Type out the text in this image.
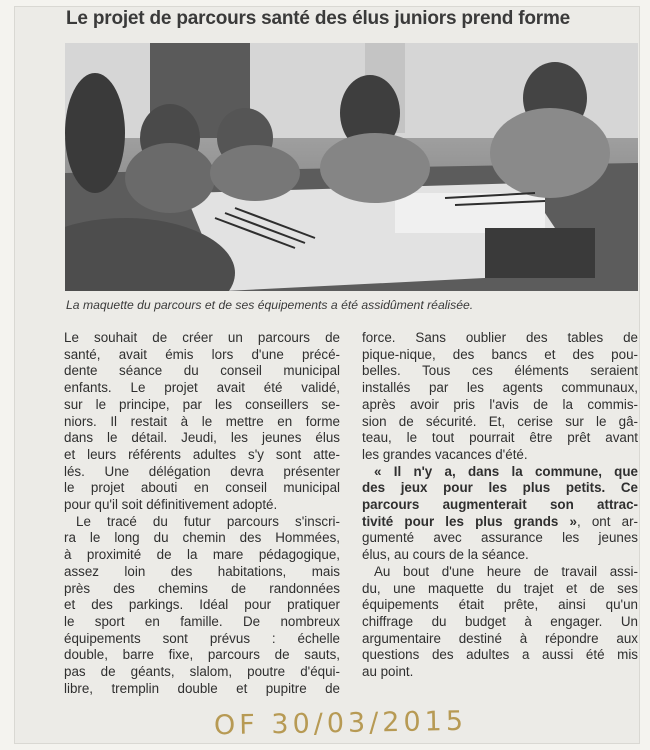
Le projet de parcours santé des élus juniors prend forme
La maquette du parcours et de ses équipements a été assidûment réalisée.

Le souhait de créer un parcours de

santé, avait émis lors d'une précé-

dente séance du conseil municipal

enfants. Le projet avait été validé,

sur le principe, par les conseillers se-

niors. Il restait à le mettre en forme

dans le détail. Jeudi, les jeunes élus

et leurs référents adultes s'y sont atte-

lés. Une délégation devra présenter

le projet abouti en conseil municipal

pour qu'il soit définitivement adopté.

Le tracé du futur parcours s'inscri-

ra le long du chemin des Hommées,

à proximité de la mare pédagogique,

assez loin des habitations, mais

près des chemins de randonnées

et des parkings. Idéal pour pratiquer

le sport en famille. De nombreux

équipements sont prévus : échelle

double, barre fixe, parcours de sauts,

pas de géants, slalom, poutre d'équi-

libre, tremplin double et pupitre de

force. Sans oublier des tables de

pique-nique, des bancs et des pou-

belles. Tous ces éléments seraient

installés par les agents communaux,

après avoir pris l'avis de la commis-

sion de sécurité. Et, cerise sur le gâ-

teau, le tout pourrait être prêt avant

les grandes vacances d'été.

« Il n'y a, dans la commune, que

des jeux pour les plus petits. Ce

parcours augmenterait son attrac-

tivité pour les plus grands », ont ar-

gumenté avec assurance les jeunes

élus, au cours de la séance.

Au bout d'une heure de travail assi-

du, une maquette du trajet et de ses

équipements était prête, ainsi qu'un

chiffrage du budget à engager. Un

argumentaire destiné à répondre aux

questions des adultes a aussi été mis

au point.

OF 30/03/2015
